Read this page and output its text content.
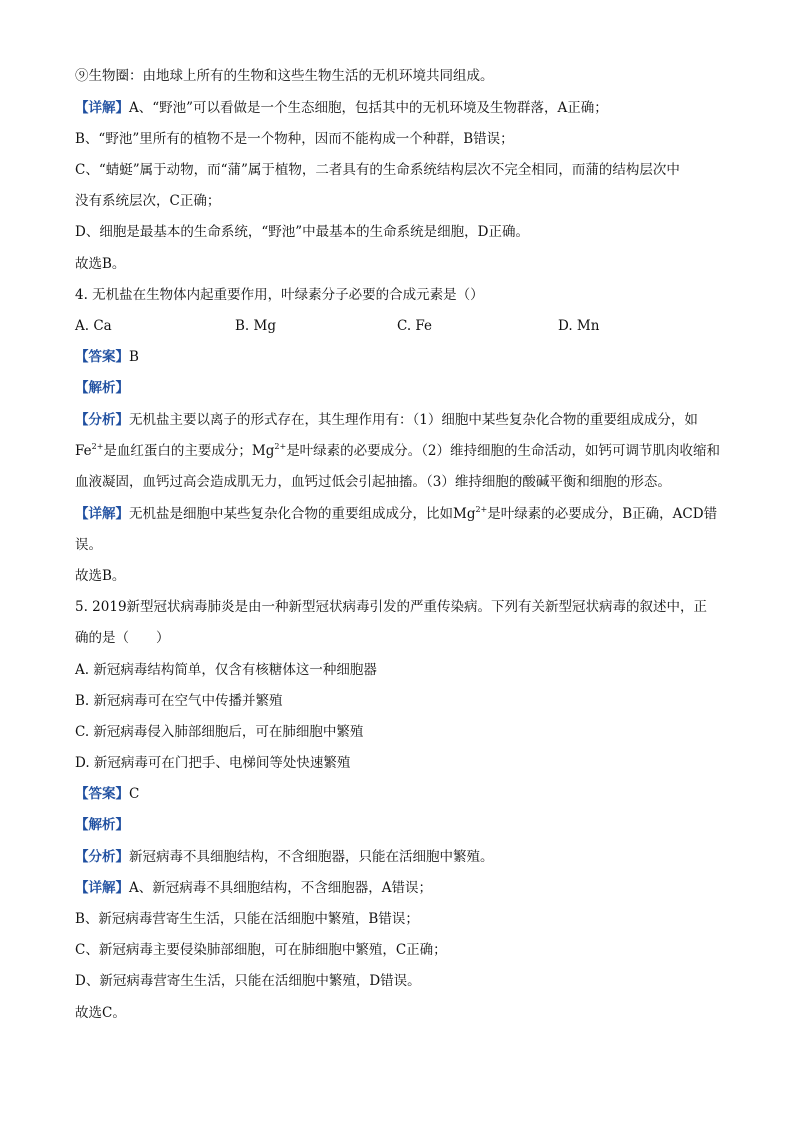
⑨生物圈：由地球上所有的生物和这些生物生活的无机环境共同组成。
【详解】A、“野池”可以看做是一个生态细胞，包括其中的无机环境及生物群落，A正确；
B、“野池”里所有的植物不是一个物种，因而不能构成一个种群，B错误；
C、“蜻蜓”属于动物，而“蒲”属于植物，二者具有的生命系统结构层次不完全相同，而蒲的结构层次中
没有系统层次，C正确；
D、细胞是最基本的生命系统，“野池”中最基本的生命系统是细胞，D正确。
故选B。
4. 无机盐在生物体内起重要作用，叶绿素分子必要的合成元素是（）
A. Ca	B. Mg	C. Fe	D. Mn
【答案】B
【解析】
【分析】无机盐主要以离子的形式存在，其生理作用有：（1）细胞中某些复杂化合物的重要组成成分，如
$Fe^{2+}$是血红蛋白的主要成分；$Mg^{2+}$是叶绿素的必要成分。（2）维持细胞的生命活动，如钙可调节肌肉收缩和
血液凝固，血钙过高会造成肌无力，血钙过低会引起抽搐。（3）维持细胞的酸碱平衡和细胞的形态。
【详解】无机盐是细胞中某些复杂化合物的重要组成成分，比如$Mg^{2+}$是叶绿素的必要成分，B正确，ACD错
误。
故选B。
5. 2019新型冠状病毒肺炎是由一种新型冠状病毒引发的严重传染病。下列有关新型冠状病毒的叙述中，正
确的是（　　）
A. 新冠病毒结构简单，仅含有核糖体这一种细胞器
B. 新冠病毒可在空气中传播并繁殖
C. 新冠病毒侵入肺部细胞后，可在肺细胞中繁殖
D. 新冠病毒可在门把手、电梯间等处快速繁殖
【答案】C
【解析】
【分析】新冠病毒不具细胞结构，不含细胞器，只能在活细胞中繁殖。
【详解】A、新冠病毒不具细胞结构，不含细胞器，A错误；
B、新冠病毒营寄生生活，只能在活细胞中繁殖，B错误；
C、新冠病毒主要侵染肺部细胞，可在肺细胞中繁殖，C正确；
D、新冠病毒营寄生生活，只能在活细胞中繁殖，D错误。
故选C。
